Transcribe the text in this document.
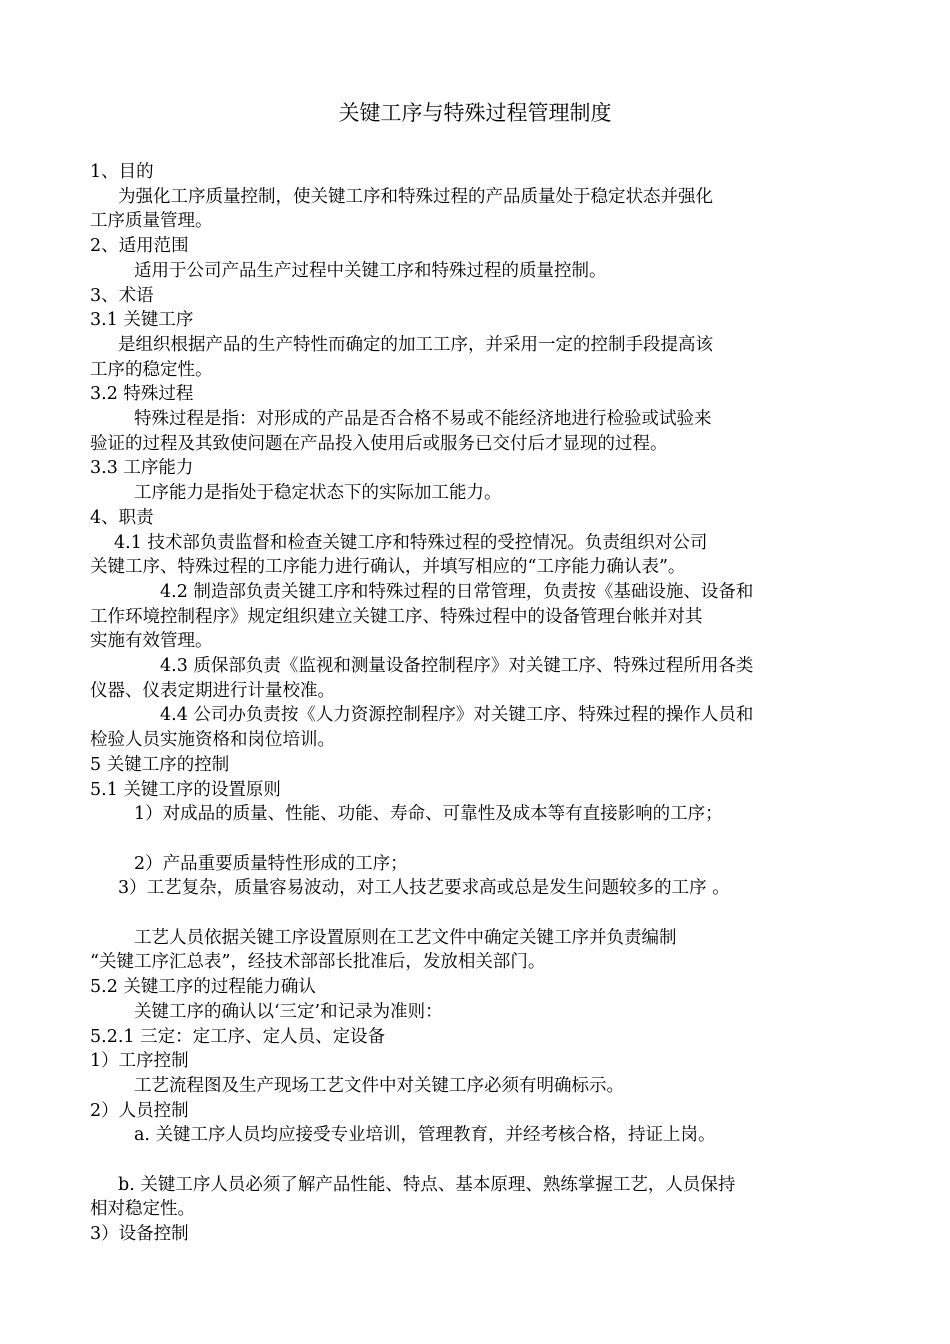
关键工序与特殊过程管理制度

1、目的

为强化工序质量控制，使关键工序和特殊过程的产品质量处于稳定状态并强化

工序质量管理。

2、适用范围

适用于公司产品生产过程中关键工序和特殊过程的质量控制。

3、术语

3.1 关键工序

是组织根据产品的生产特性而确定的加工工序，并采用一定的控制手段提高该

工序的稳定性。

3.2 特殊过程

特殊过程是指：对形成的产品是否合格不易或不能经济地进行检验或试验来

验证的过程及其致使问题在产品投入使用后或服务已交付后才显现的过程。

3.3 工序能力

工序能力是指处于稳定状态下的实际加工能力。

4、职责

4.1 技术部负责监督和检查关键工序和特殊过程的受控情况。负责组织对公司

关键工序、特殊过程的工序能力进行确认，并填写相应的“工序能力确认表”。

4.2 制造部负责关键工序和特殊过程的日常管理，负责按《基础设施、设备和

工作环境控制程序》规定组织建立关键工序、特殊过程中的设备管理台帐并对其

实施有效管理。

4.3 质保部负责《监视和测量设备控制程序》对关键工序、特殊过程所用各类

仪器、仪表定期进行计量校准。

4.4 公司办负责按《人力资源控制程序》对关键工序、特殊过程的操作人员和

检验人员实施资格和岗位培训。

5 关键工序的控制

5.1 关键工序的设置原则

1）对成品的质量、性能、功能、寿命、可靠性及成本等有直接影响的工序；

2）产品重要质量特性形成的工序；

3）工艺复杂，质量容易波动，对工人技艺要求高或总是发生问题较多的工序 。

工艺人员依据关键工序设置原则在工艺文件中确定关键工序并负责编制

“关键工序汇总表”，经技术部部长批准后，发放相关部门。

5.2 关键工序的过程能力确认

关键工序的确认以‘三定’和记录为准则：

5.2.1 三定：定工序、定人员、定设备

1）工序控制

工艺流程图及生产现场工艺文件中对关键工序必须有明确标示。

2）人员控制

a. 关键工序人员均应接受专业培训，管理教育，并经考核合格，持证上岗。

b. 关键工序人员必须了解产品性能、特点、基本原理、熟练掌握工艺，人员保持

相对稳定性。

3）设备控制
